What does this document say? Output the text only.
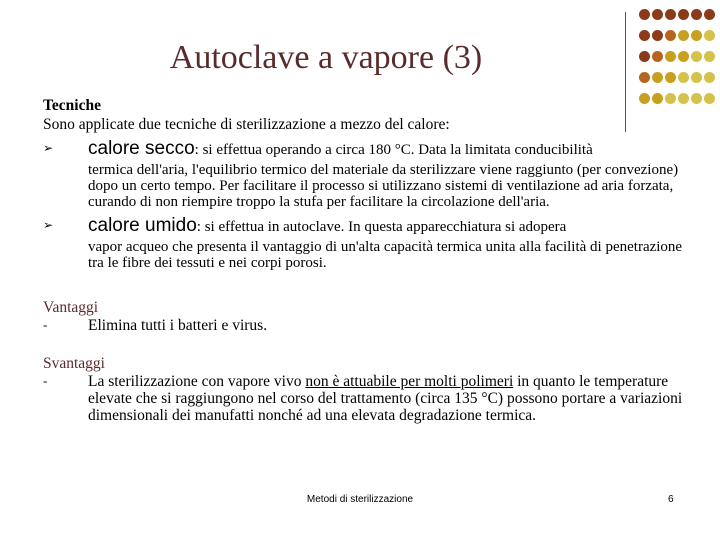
Autoclave a vapore (3)
Tecniche
Sono applicate due tecniche di sterilizzazione a mezzo del calore:
➢ calore secco: si effettua operando a circa 180 °C. Data la limitata conducibilità
termica dell'aria, l'equilibrio termico del materiale da sterilizzare viene raggiunto (per convezione) dopo un certo tempo. Per facilitare il processo si utilizzano sistemi di ventilazione ad aria forzata, curando di non riempire troppo la stufa per facilitare la circolazione dell'aria.
➢ calore umido: si effettua in autoclave. In questa apparecchiatura si adopera
vapor acqueo che presenta il vantaggio di un'alta capacità termica unita alla facilità di penetrazione tra le fibre dei tessuti e nei corpi porosi.
Vantaggi
-	Elimina tutti i batteri e virus.
Svantaggi
-	La sterilizzazione con vapore vivo non è attuabile per molti polimeri in quanto le temperature elevate che si raggiungono nel corso del trattamento (circa 135 °C) possono portare a variazioni dimensionali dei manufatti nonché ad una elevata degradazione termica.
Metodi di sterilizzazione	6
